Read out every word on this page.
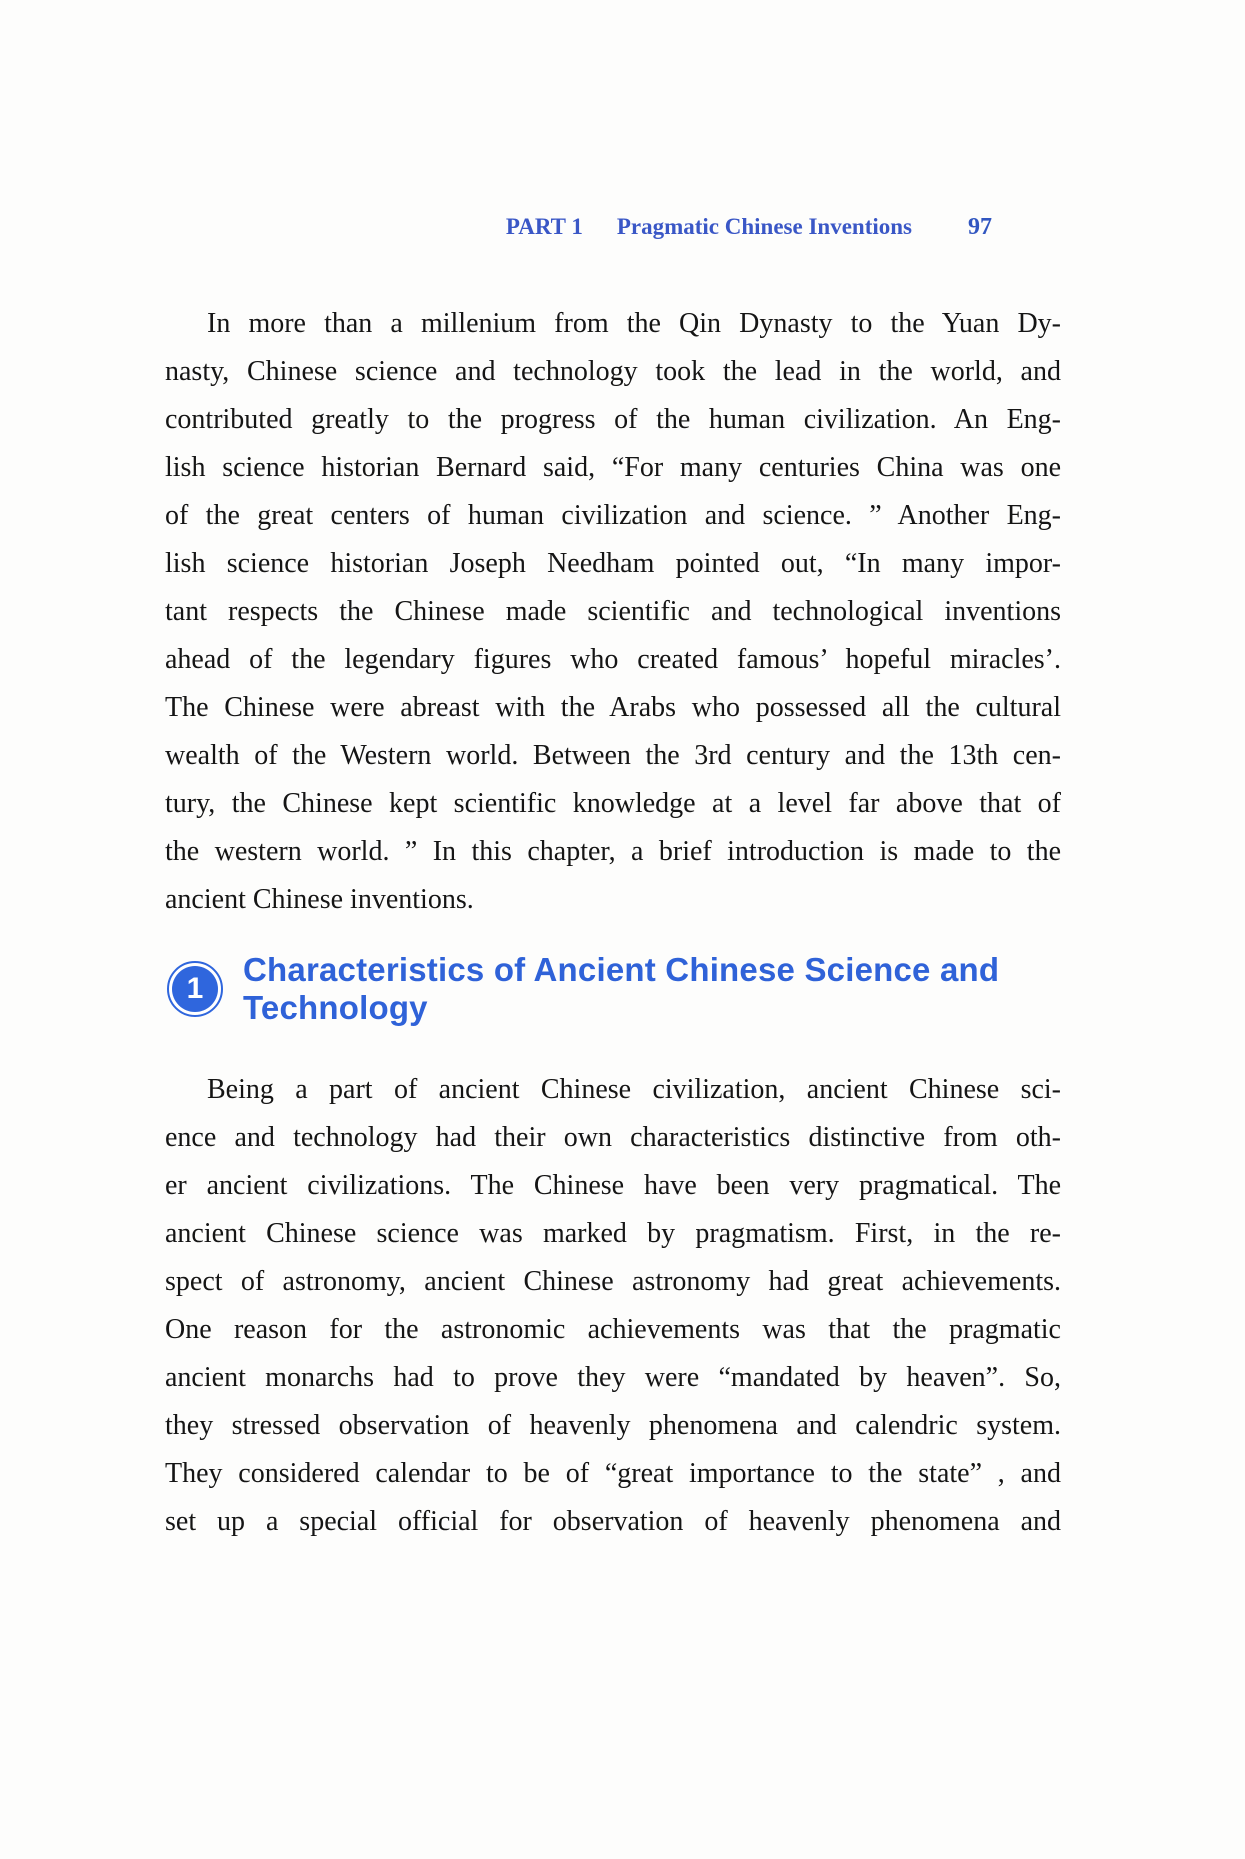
PART 1 Pragmatic Chinese Inventions 97
In more than a millenium from the Qin Dynasty to the Yuan Dy-
nasty, Chinese science and technology took the lead in the world, and
contributed greatly to the progress of the human civilization. An Eng-
lish science historian Bernard said, “For many centuries China was one
of the great centers of human civilization and science. ” Another Eng-
lish science historian Joseph Needham pointed out, “In many impor-
tant respects the Chinese made scientific and technological inventions
ahead of the legendary figures who created famous’ hopeful miracles’.
The Chinese were abreast with the Arabs who possessed all the cultural
wealth of the Western world. Between the 3rd century and the 13th cen-
tury, the Chinese kept scientific knowledge at a level far above that of
the western world. ” In this chapter, a brief introduction is made to the
ancient Chinese inventions.
1
Characteristics of Ancient Chinese Science and Technology
Being a part of ancient Chinese civilization, ancient Chinese sci-
ence and technology had their own characteristics distinctive from oth-
er ancient civilizations. The Chinese have been very pragmatical. The
ancient Chinese science was marked by pragmatism. First, in the re-
spect of astronomy, ancient Chinese astronomy had great achievements.
One reason for the astronomic achievements was that the pragmatic
ancient monarchs had to prove they were “mandated by heaven”. So,
they stressed observation of heavenly phenomena and calendric system.
They considered calendar to be of “great importance to the state” , and
set up a special official for observation of heavenly phenomena and
